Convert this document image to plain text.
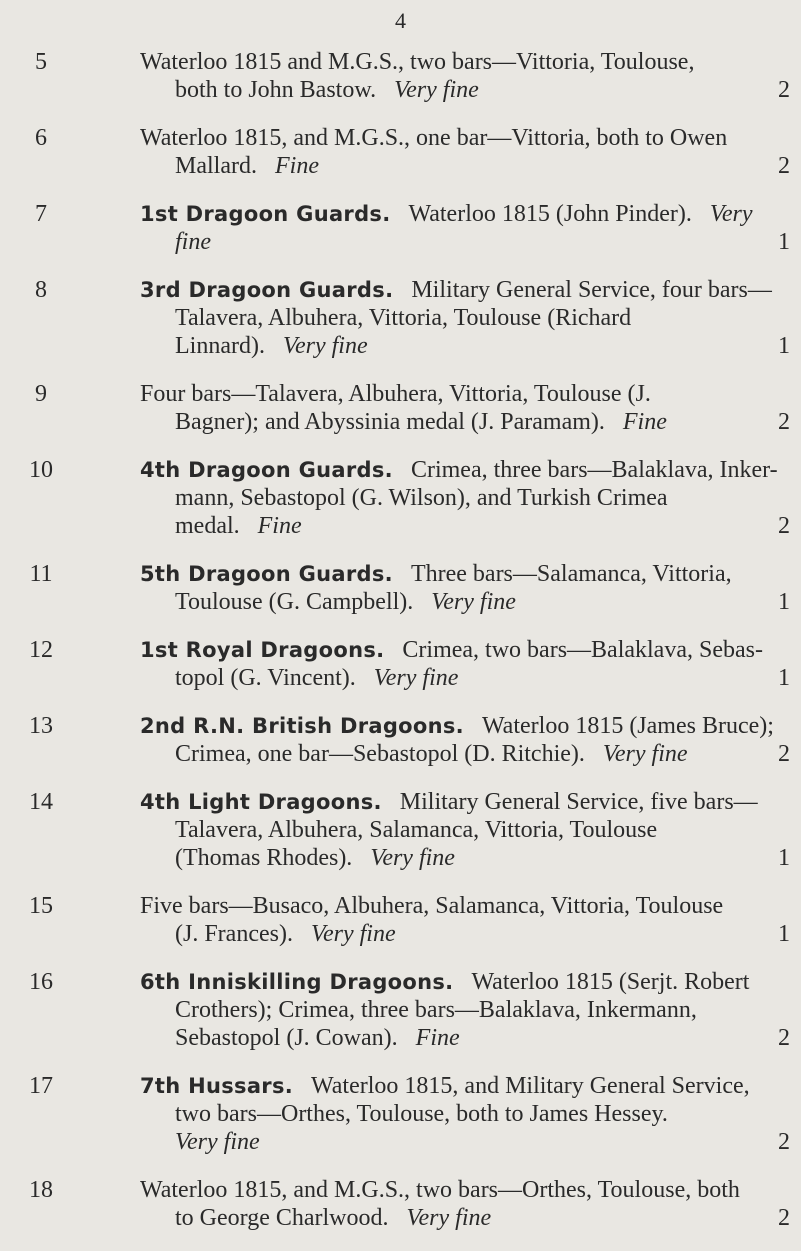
4
5	Waterloo 1815 and M.G.S., two bars—Vittoria, Toulouse,
both to John Bastow. Very fine	2
6	Waterloo 1815, and M.G.S., one bar—Vittoria, both to Owen
Mallard. Fine	2
7	1st Dragoon Guards. Waterloo 1815 (John Pinder). Very
fine	1
8	3rd Dragoon Guards. Military General Service, four bars—
Talavera, Albuhera, Vittoria, Toulouse (Richard
Linnard). Very fine	1
9	Four bars—Talavera, Albuhera, Vittoria, Toulouse (J.
Bagner); and Abyssinia medal (J. Paramam). Fine	2
10	4th Dragoon Guards. Crimea, three bars—Balaklava, Inker-
mann, Sebastopol (G. Wilson), and Turkish Crimea
medal. Fine	2
11	5th Dragoon Guards. Three bars—Salamanca, Vittoria,
Toulouse (G. Campbell). Very fine	1
12	1st Royal Dragoons. Crimea, two bars—Balaklava, Sebas-
topol (G. Vincent). Very fine	1
13	2nd R.N. British Dragoons. Waterloo 1815 (James Bruce);
Crimea, one bar—Sebastopol (D. Ritchie). Very fine	2
14	4th Light Dragoons. Military General Service, five bars—
Talavera, Albuhera, Salamanca, Vittoria, Toulouse
(Thomas Rhodes). Very fine	1
15	Five bars—Busaco, Albuhera, Salamanca, Vittoria, Toulouse
(J. Frances). Very fine	1
16	6th Inniskilling Dragoons. Waterloo 1815 (Serjt. Robert
Crothers); Crimea, three bars—Balaklava, Inkermann,
Sebastopol (J. Cowan). Fine	2
17	7th Hussars. Waterloo 1815, and Military General Service,
two bars—Orthes, Toulouse, both to James Hessey.
Very fine	2
18	Waterloo 1815, and M.G.S., two bars—Orthes, Toulouse, both
to George Charlwood. Very fine	2
